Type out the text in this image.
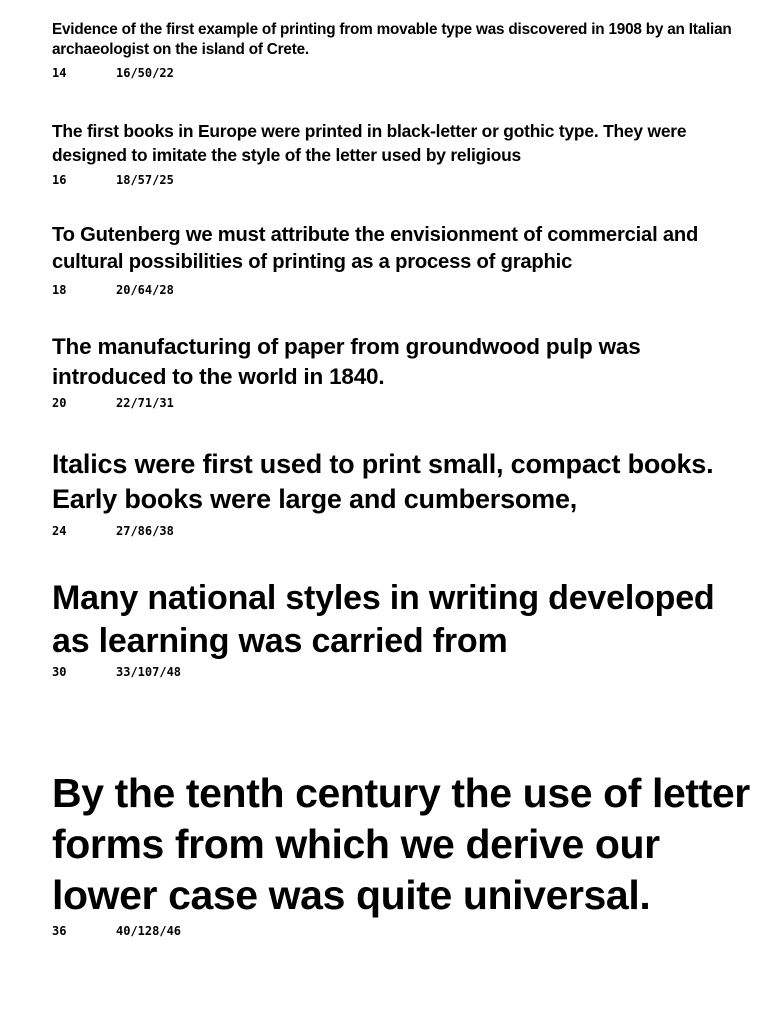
Evidence of the first example of printing from movable type was discovered in 1908 by an Italian archaeologist on the island of Crete.

14	16/50/22

The first books in Europe were printed in black-letter or gothic type. They were designed to imitate the style of the letter used by religious

16	18/57/25

To Gutenberg we must attribute the envisionment of commercial and cultural possibilities of printing as a process of graphic

18	20/64/28

The manufacturing of paper from groundwood pulp was introduced to the world in 1840.

20	22/71/31

Italics were first used to print small, compact books. Early books were large and cumbersome,

24	27/86/38

Many national styles in writing developed as learning was carried from

30	33/107/48

By the tenth century the use of letter forms from which we derive our lower case was quite universal.

36	40/128/46
